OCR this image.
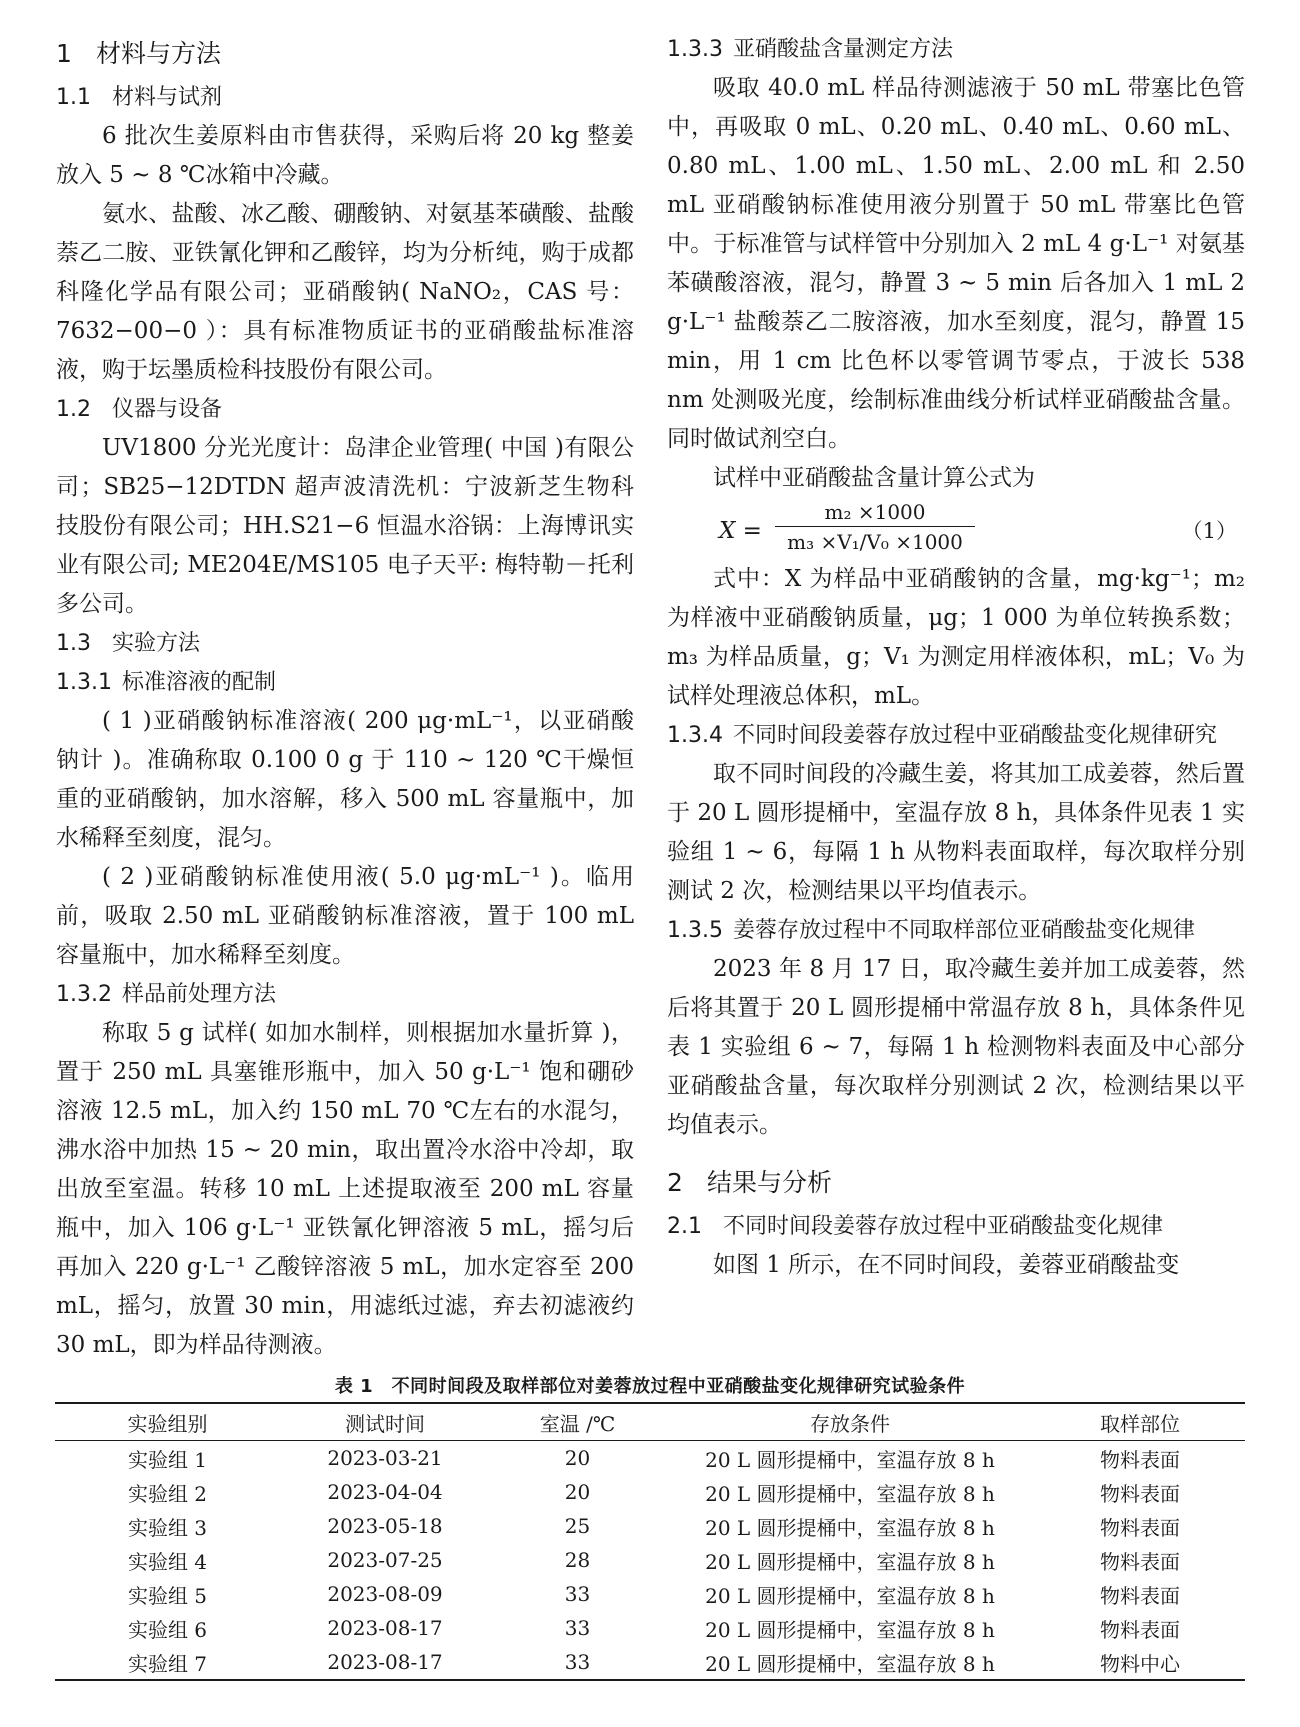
1 材料与方法
1.1 材料与试剂
6 批次生姜原料由市售获得，采购后将 20 kg 整姜放入 5 ~ 8 ℃冰箱中冷藏。
氨水、盐酸、冰乙酸、硼酸钠、对氨基苯磺酸、盐酸萘乙二胺、亚铁氰化钾和乙酸锌，均为分析纯，购于成都科隆化学品有限公司；亚硝酸钠( NaNO₂，CAS 号：7632−00−0 ）：具有标准物质证书的亚硝酸盐标准溶液，购于坛墨质检科技股份有限公司。
1.2 仪器与设备
UV1800 分光光度计：岛津企业管理( 中国 )有限公司；SB25−12DTDN 超声波清洗机：宁波新芝生物科技股份有限公司；HH.S21−6 恒温水浴锅：上海博讯实业有限公司; ME204E/MS105 电子天平: 梅特勒－托利多公司。
1.3 实验方法
1.3.1 标准溶液的配制
( 1 )亚硝酸钠标准溶液( 200 μg·mL⁻¹，以亚硝酸钠计 )。准确称取 0.100 0 g 于 110 ~ 120 ℃干燥恒重的亚硝酸钠，加水溶解，移入 500 mL 容量瓶中，加水稀释至刻度，混匀。
( 2 )亚硝酸钠标准使用液( 5.0 μg·mL⁻¹ )。临用前，吸取 2.50 mL 亚硝酸钠标准溶液，置于 100 mL 容量瓶中，加水稀释至刻度。
1.3.2 样品前处理方法
称取 5 g 试样( 如加水制样，则根据加水量折算 )，置于 250 mL 具塞锥形瓶中，加入 50 g·L⁻¹ 饱和硼砂溶液 12.5 mL，加入约 150 mL 70 ℃左右的水混匀，沸水浴中加热 15 ~ 20 min，取出置冷水浴中冷却，取出放至室温。转移 10 mL 上述提取液至 200 mL 容量瓶中，加入 106 g·L⁻¹ 亚铁氰化钾溶液 5 mL，摇匀后再加入 220 g·L⁻¹ 乙酸锌溶液 5 mL，加水定容至 200 mL，摇匀，放置 30 min，用滤纸过滤，弃去初滤液约 30 mL，即为样品待测液。
1.3.3 亚硝酸盐含量测定方法
吸取 40.0 mL 样品待测滤液于 50 mL 带塞比色管中，再吸取 0 mL、0.20 mL、0.40 mL、0.60 mL、0.80 mL、1.00 mL、1.50 mL、2.00 mL 和 2.50 mL 亚硝酸钠标准使用液分别置于 50 mL 带塞比色管中。于标准管与试样管中分别加入 2 mL 4 g·L⁻¹ 对氨基苯磺酸溶液，混匀，静置 3 ~ 5 min 后各加入 1 mL 2 g·L⁻¹ 盐酸萘乙二胺溶液，加水至刻度，混匀，静置 15 min，用 1 cm 比色杯以零管调节零点，于波长 538 nm 处测吸光度，绘制标准曲线分析试样亚硝酸盐含量。同时做试剂空白。
试样中亚硝酸盐含量计算公式为
$X = \frac{\text{m₂ ×1000}}{\text{m₃ ×V₁/V₀ ×1000}}$	（1）
式中：X 为样品中亚硝酸钠的含量，mg·kg⁻¹；m₂ 为样液中亚硝酸钠质量，μg；1 000 为单位转换系数；m₃ 为样品质量，g；V₁ 为测定用样液体积，mL；V₀ 为试样处理液总体积，mL。
1.3.4 不同时间段姜蓉存放过程中亚硝酸盐变化规律研究
取不同时间段的冷藏生姜，将其加工成姜蓉，然后置于 20 L 圆形提桶中，室温存放 8 h，具体条件见表 1 实验组 1 ~ 6，每隔 1 h 从物料表面取样，每次取样分别测试 2 次，检测结果以平均值表示。
1.3.5 姜蓉存放过程中不同取样部位亚硝酸盐变化规律
2023 年 8 月 17 日，取冷藏生姜并加工成姜蓉，然后将其置于 20 L 圆形提桶中常温存放 8 h，具体条件见表 1 实验组 6 ~ 7，每隔 1 h 检测物料表面及中心部分亚硝酸盐含量，每次取样分别测试 2 次，检测结果以平均值表示。
2 结果与分析
2.1 不同时间段姜蓉存放过程中亚硝酸盐变化规律
如图 1 所示，在不同时间段，姜蓉亚硝酸盐变
表 1　不同时间段及取样部位对姜蓉放过程中亚硝酸盐变化规律研究试验条件
实验组别	测试时间	室温 /℃	存放条件	取样部位
实验组 1	2023-03-21	20	20 L 圆形提桶中，室温存放 8 h	物料表面
实验组 2	2023-04-04	20	20 L 圆形提桶中，室温存放 8 h	物料表面
实验组 3	2023-05-18	25	20 L 圆形提桶中，室温存放 8 h	物料表面
实验组 4	2023-07-25	28	20 L 圆形提桶中，室温存放 8 h	物料表面
实验组 5	2023-08-09	33	20 L 圆形提桶中，室温存放 8 h	物料表面
实验组 6	2023-08-17	33	20 L 圆形提桶中，室温存放 8 h	物料表面
实验组 7	2023-08-17	33	20 L 圆形提桶中，室温存放 8 h	物料中心
